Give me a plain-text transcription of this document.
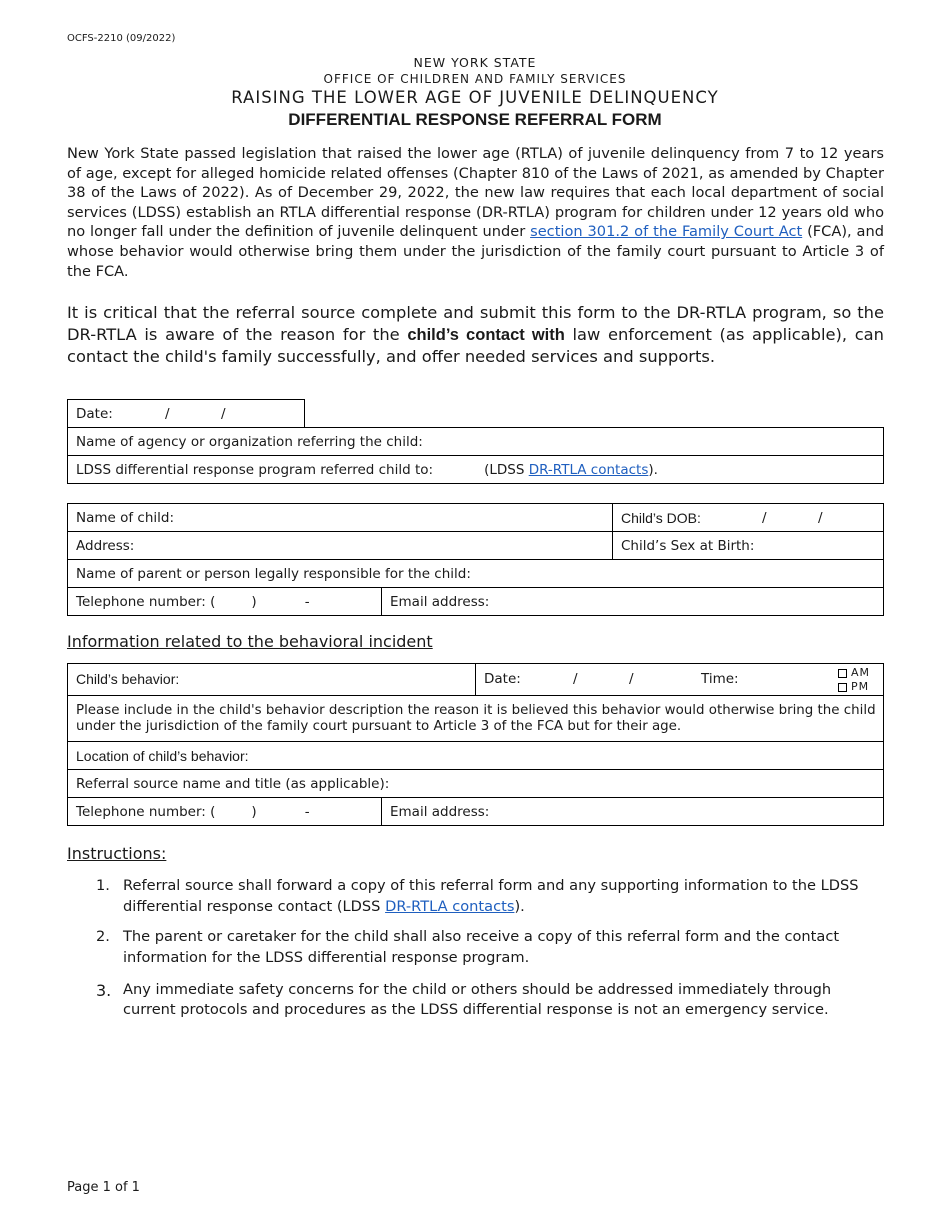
OCFS-2210 (09/2022)
NEW YORK STATE
OFFICE OF CHILDREN AND FAMILY SERVICES
RAISING THE LOWER AGE OF JUVENILE DELINQUENCY
DIFFERENTIAL RESPONSE REFERRAL FORM

New York State passed legislation that raised the lower age (RTLA) of juvenile delinquency from 7 to 12 years of age, except for alleged homicide related offenses (Chapter 810 of the Laws of 2021, as amended by Chapter 38 of the Laws of 2022). As of December 29, 2022, the new law requires that each local department of social services (LDSS) establish an RTLA differential response (DR-RTLA) program for children under 12 years old who no longer fall under the definition of juvenile delinquent under section 301.2 of the Family Court Act (FCA), and whose behavior would otherwise bring them under the jurisdiction of the family court pursuant to Article 3 of the FCA.

It is critical that the referral source complete and submit this form to the DR-RTLA program, so the DR-RTLA is aware of the reason for the child’s contact with law enforcement (as applicable), can contact the child's family successfully, and offer needed services and supports.

Date:	/	/
Name of agency or organization referring the child:
LDSS differential response program referred child to:	(LDSS DR-RTLA contacts).
Name of child:	Child’s DOB:	/	/
Address:	Child’s Sex at Birth:
Name of parent or person legally responsible for the child:
Telephone number: (	)	-	Email address:
Information related to the behavioral incident
Child’s behavior:	Date:	/	/	Time:	AM
PM
Please include in the child's behavior description the reason it is believed this behavior would otherwise bring the child under the jurisdiction of the family court pursuant to Article 3 of the FCA but for their age.
Location of child’s behavior:
Referral source name and title (as applicable):
Telephone number: (	)	-	Email address:
Instructions:
1. Referral source shall forward a copy of this referral form and any supporting information to the LDSS differential response contact (LDSS DR-RTLA contacts).
2. The parent or caretaker for the child shall also receive a copy of this referral form and the contact information for the LDSS differential response program.
3. Any immediate safety concerns for the child or others should be addressed immediately through current protocols and procedures as the LDSS differential response is not an emergency service.
Page 1 of 1
